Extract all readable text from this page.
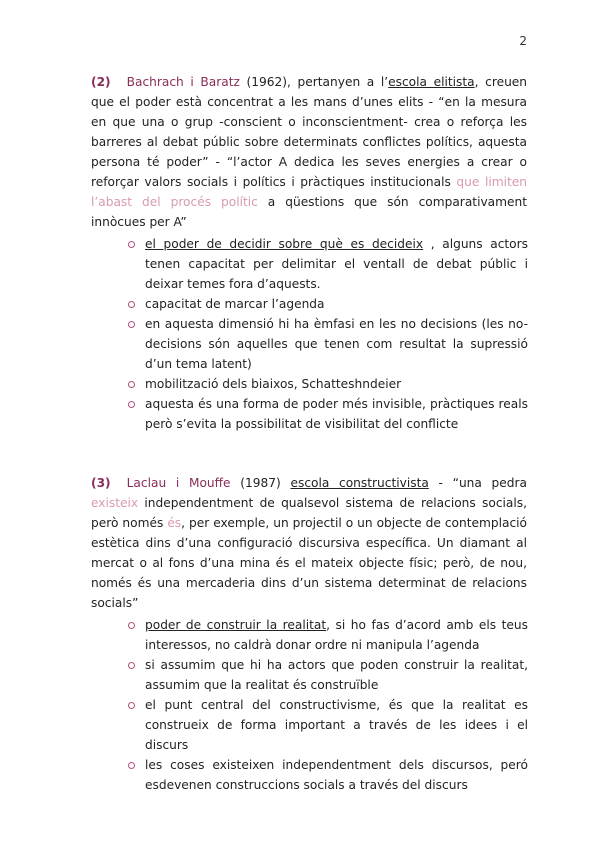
2

(2) Bachrach i Baratz (1962), pertanyen a l’escola elitista, creuen que el poder està concentrat a les mans d’unes elits - “en la mesura en que una o grup -conscient o inconscientment- crea o reforça les barreres al debat públic sobre determinats conflictes polítics, aquesta persona té poder” - “l’actor A dedica les seves energies a crear o reforçar valors socials i polítics i pràctiques institucionals que limiten l’abast del procés polític a qüestions que són comparativament innòcues per A”

el poder de decidir sobre què es decideix , alguns actors tenen capacitat per delimitar el ventall de debat públic i deixar temes fora d’aquests.
capacitat de marcar l’agenda
en aquesta dimensió hi ha èmfasi en les no decisions (les no-decisions són aquelles que tenen com resultat la supressió d’un tema latent)
mobilització dels biaixos, Schatteshndeier
aquesta és una forma de poder més invisible, pràctiques reals però s’evita la possibilitat de visibilitat del conflicte

(3) Laclau i Mouffe (1987) escola constructivista - “una pedra existeix independentment de qualsevol sistema de relacions socials, però només és, per exemple, un projectil o un objecte de contemplació estètica dins d’una configuració discursiva específica. Un diamant al mercat o al fons d’una mina és el mateix objecte físic; però, de nou, només és una mercaderia dins d’un sistema determinat de relacions socials”

poder de construir la realitat, si ho fas d’acord amb els teus interessos, no caldrà donar ordre ni manipula l’agenda
si assumim que hi ha actors que poden construir la realitat, assumim que la realitat és construïble
el punt central del constructivisme, és que la realitat es construeix de forma important a través de les idees i el discurs
les coses existeixen independentment dels discursos, peró esdevenen construccions socials a través del discurs
